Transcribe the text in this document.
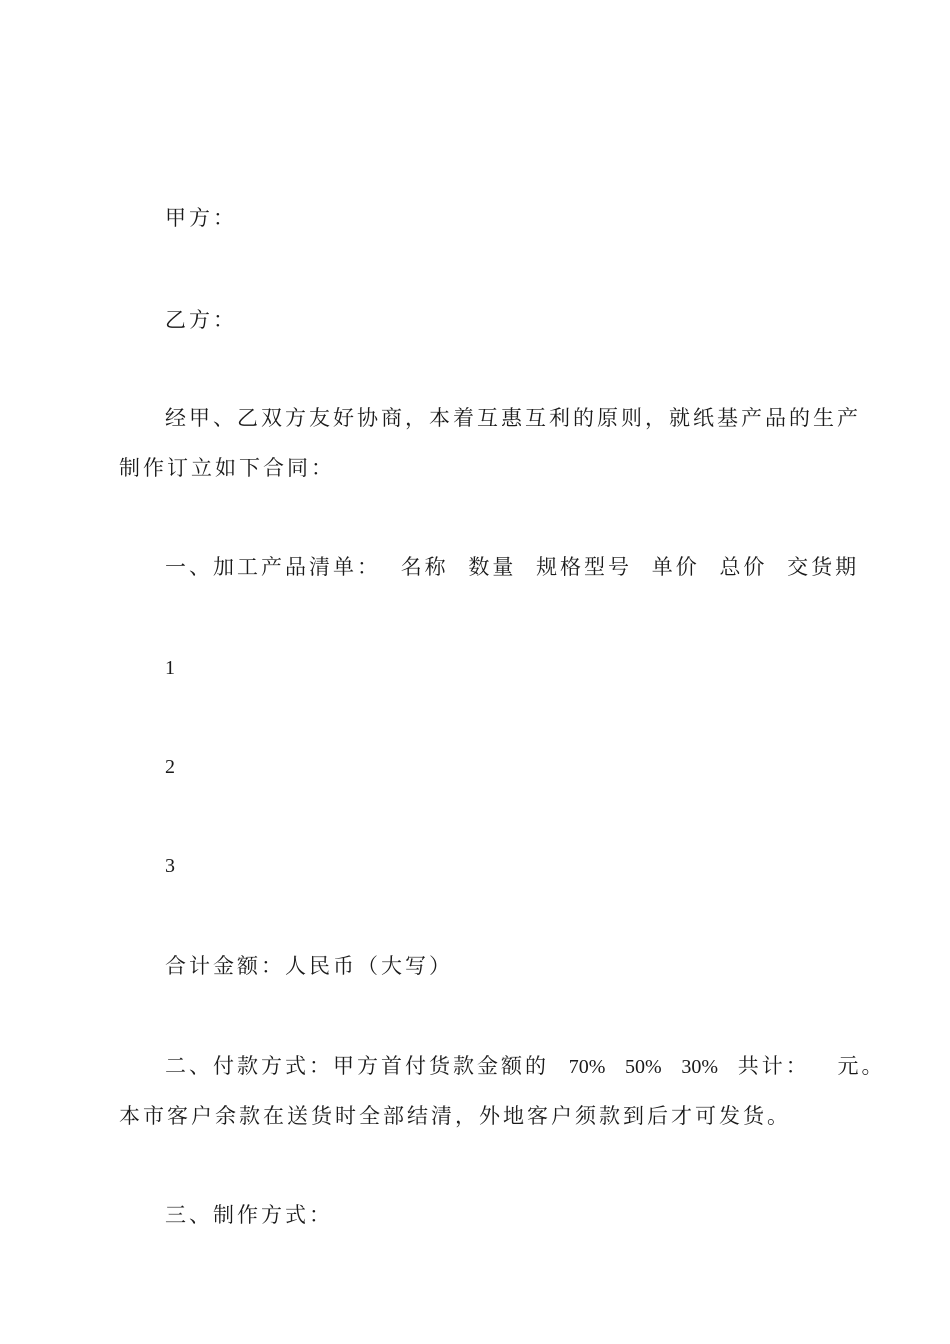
甲方：
乙方：
经甲、乙双方友好协商，本着互惠互利的原则，就纸基产品的生产
制作订立如下合同：
一、加工产品清单： 名称 数量 规格型号 单价 总价 交货期
1
2
3
合计金额：人民币（大写）
二、付款方式：甲方首付货款金额的 70% 50% 30% 共计： 元。
本市客户余款在送货时全部结清，外地客户须款到后才可发货。
三、制作方式：
